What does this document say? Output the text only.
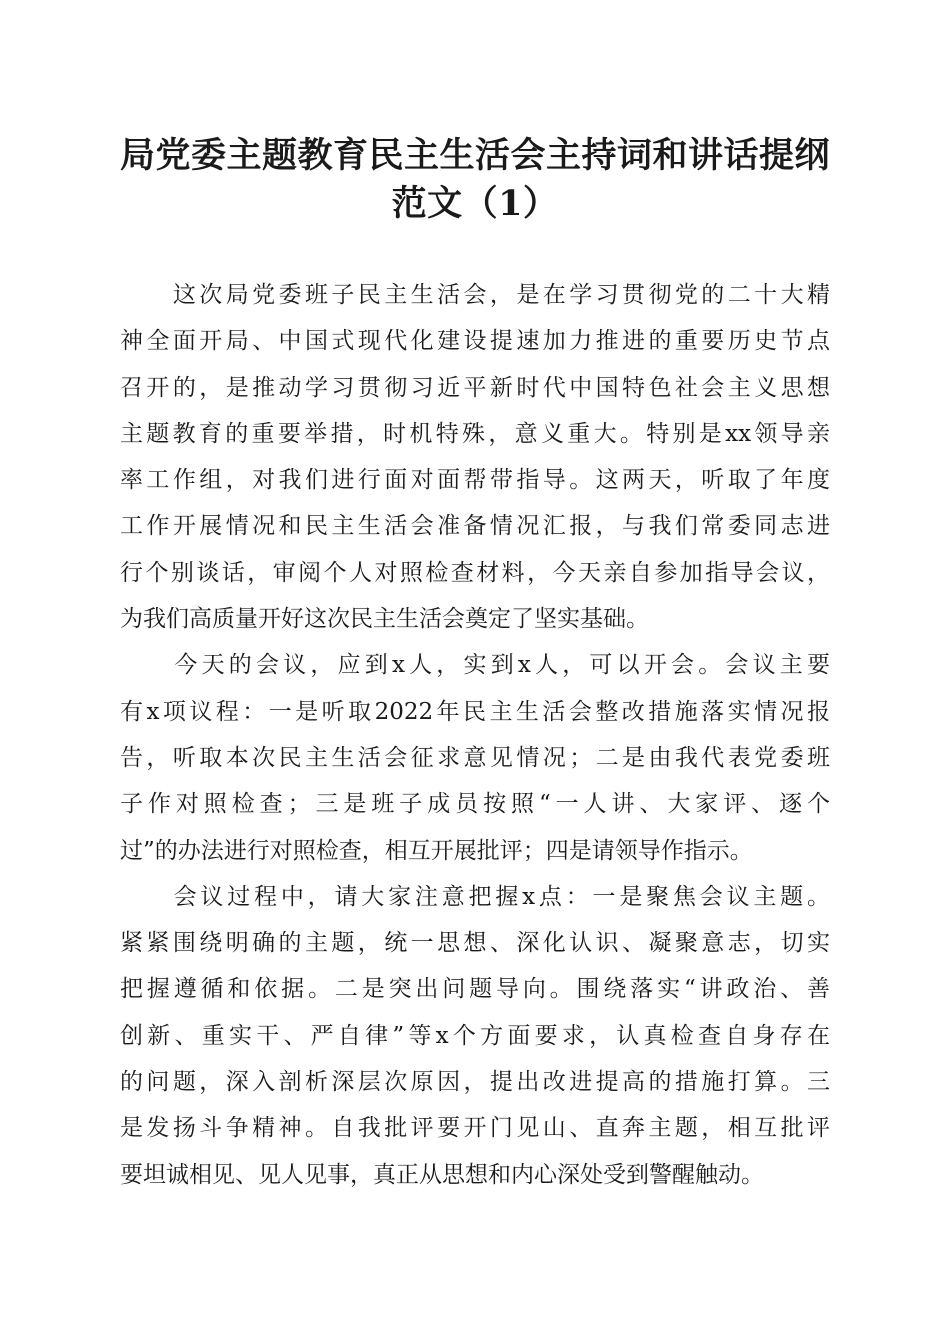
局党委主题教育民主生活会主持词和讲话提纲
范文（1）
　　这次局党委班子民主生活会，是在学习贯彻党的二十大精
神全面开局、中国式现代化建设提速加力推进的重要历史节点
召开的，是推动学习贯彻习近平新时代中国特色社会主义思想
主题教育的重要举措，时机特殊，意义重大。特别是xx领导亲
率工作组，对我们进行面对面帮带指导。这两天，听取了年度
工作开展情况和民主生活会准备情况汇报，与我们常委同志进
行个别谈话，审阅个人对照检查材料，今天亲自参加指导会议，
为我们高质量开好这次民主生活会奠定了坚实基础。
　　今天的会议，应到x人，实到x人，可以开会。会议主要
有x项议程：一是听取2022年民主生活会整改措施落实情况报
告，听取本次民主生活会征求意见情况；二是由我代表党委班
子作对照检查；三是班子成员按照“一人讲、大家评、逐个
过”的办法进行对照检查，相互开展批评；四是请领导作指示。
　　会议过程中，请大家注意把握x点：一是聚焦会议主题。
紧紧围绕明确的主题，统一思想、深化认识、凝聚意志，切实
把握遵循和依据。二是突出问题导向。围绕落实“讲政治、善
创新、重实干、严自律”等x个方面要求，认真检查自身存在
的问题，深入剖析深层次原因，提出改进提高的措施打算。三
是发扬斗争精神。自我批评要开门见山、直奔主题，相互批评
要坦诚相见、见人见事，真正从思想和内心深处受到警醒触动。
